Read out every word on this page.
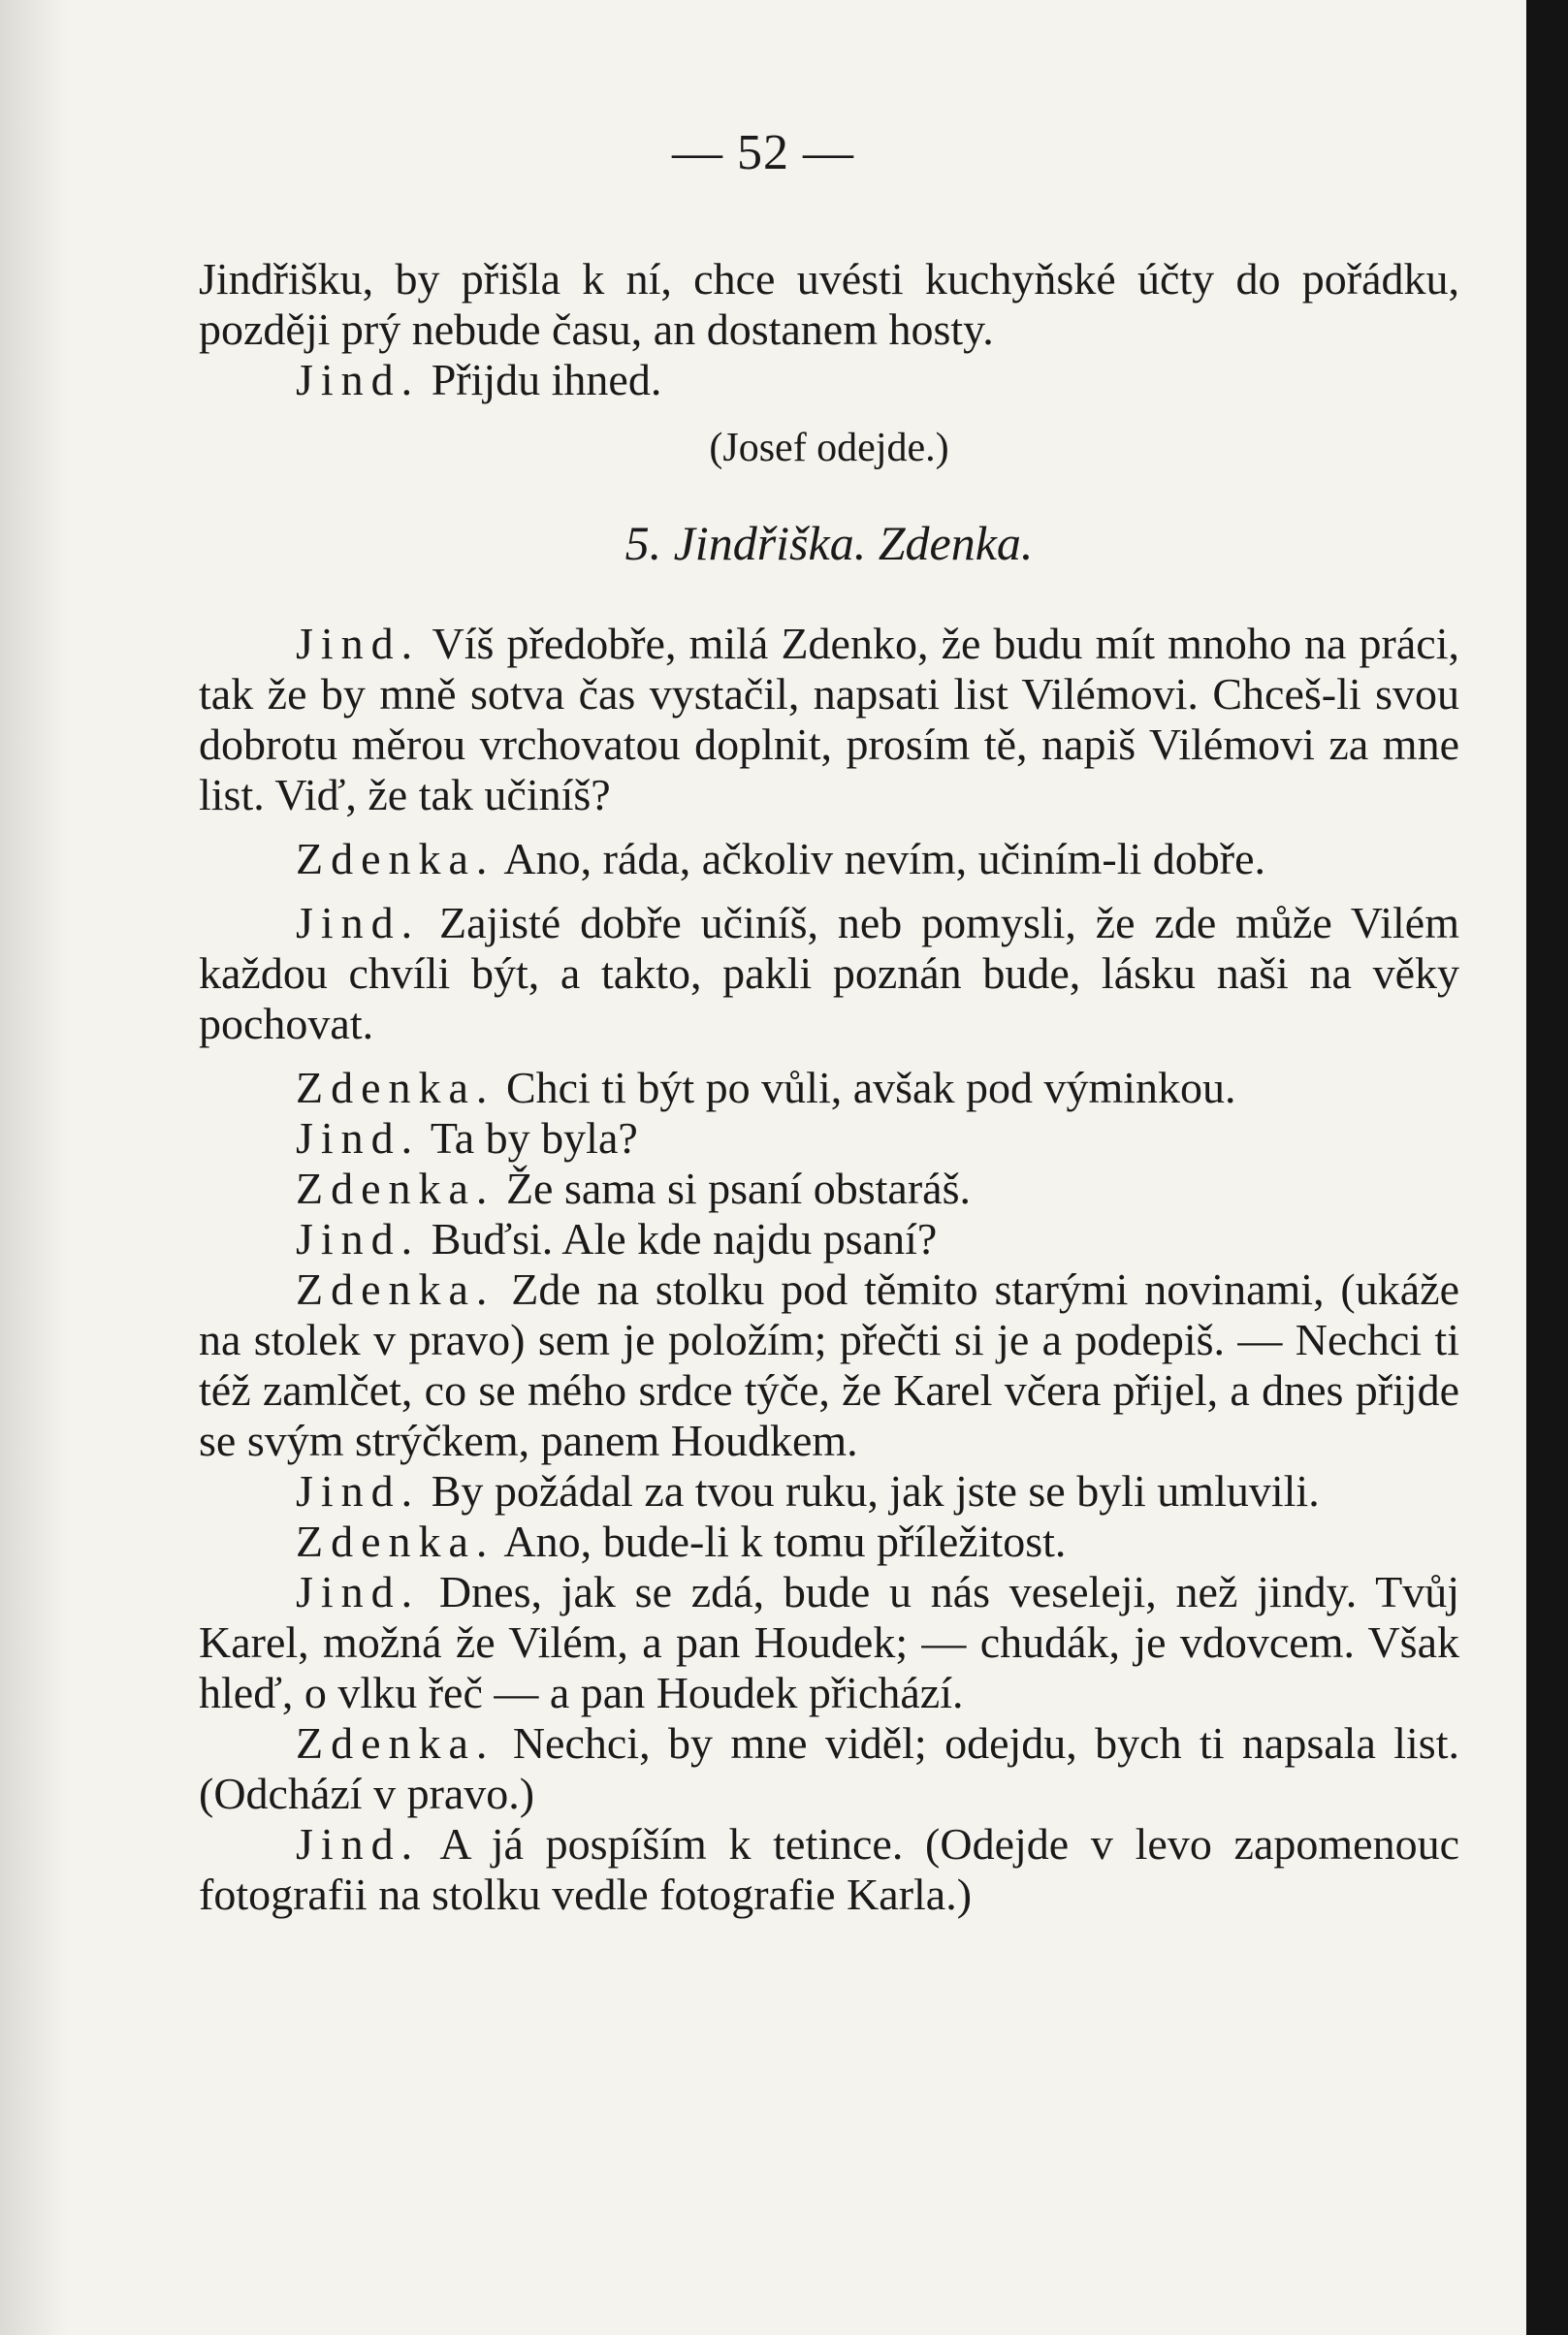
— 52 —

Jindřišku, by přišla k ní, chce uvésti kuchyňské účty do pořádku, později prý nebude času, an dostanem hosty.

Jind. Přijdu ihned.

(Josef odejde.)

5. Jindřiška. Zdenka.

Jind. Víš předobře, milá Zdenko, že budu mít mnoho na práci, tak že by mně sotva čas vystačil, napsati list Vilémovi. Chceš-li svou dobrotu měrou vrchovatou doplnit, prosím tě, napiš Vilémovi za mne list. Viď, že tak učiníš?

Zdenka. Ano, ráda, ačkoliv nevím, učiním-li dobře.

Jind. Zajisté dobře učiníš, neb pomysli, že zde může Vilém každou chvíli být, a takto, pakli poznán bude, lásku naši na věky pochovat.

Zdenka. Chci ti být po vůli, avšak pod výminkou.

Jind. Ta by byla?

Zdenka. Že sama si psaní obstaráš.

Jind. Buďsi. Ale kde najdu psaní?

Zdenka. Zde na stolku pod těmito starými novinami, (ukáže na stolek v pravo) sem je položím; přečti si je a podepiš. — Nechci ti též zamlčet, co se mého srdce týče, že Karel včera přijel, a dnes přijde se svým strýčkem, panem Houdkem.

Jind. By požádal za tvou ruku, jak jste se byli umluvili.

Zdenka. Ano, bude-li k tomu příležitost.

Jind. Dnes, jak se zdá, bude u nás veseleji, než jindy. Tvůj Karel, možná že Vilém, a pan Houdek; — chudák, je vdovcem. Však hleď, o vlku řeč — a pan Houdek přichází.

Zdenka. Nechci, by mne viděl; odejdu, bych ti napsala list. (Odchází v pravo.)

Jind. A já pospíším k tetince. (Odejde v levo zapomenouc fotografii na stolku vedle fotografie Karla.)
